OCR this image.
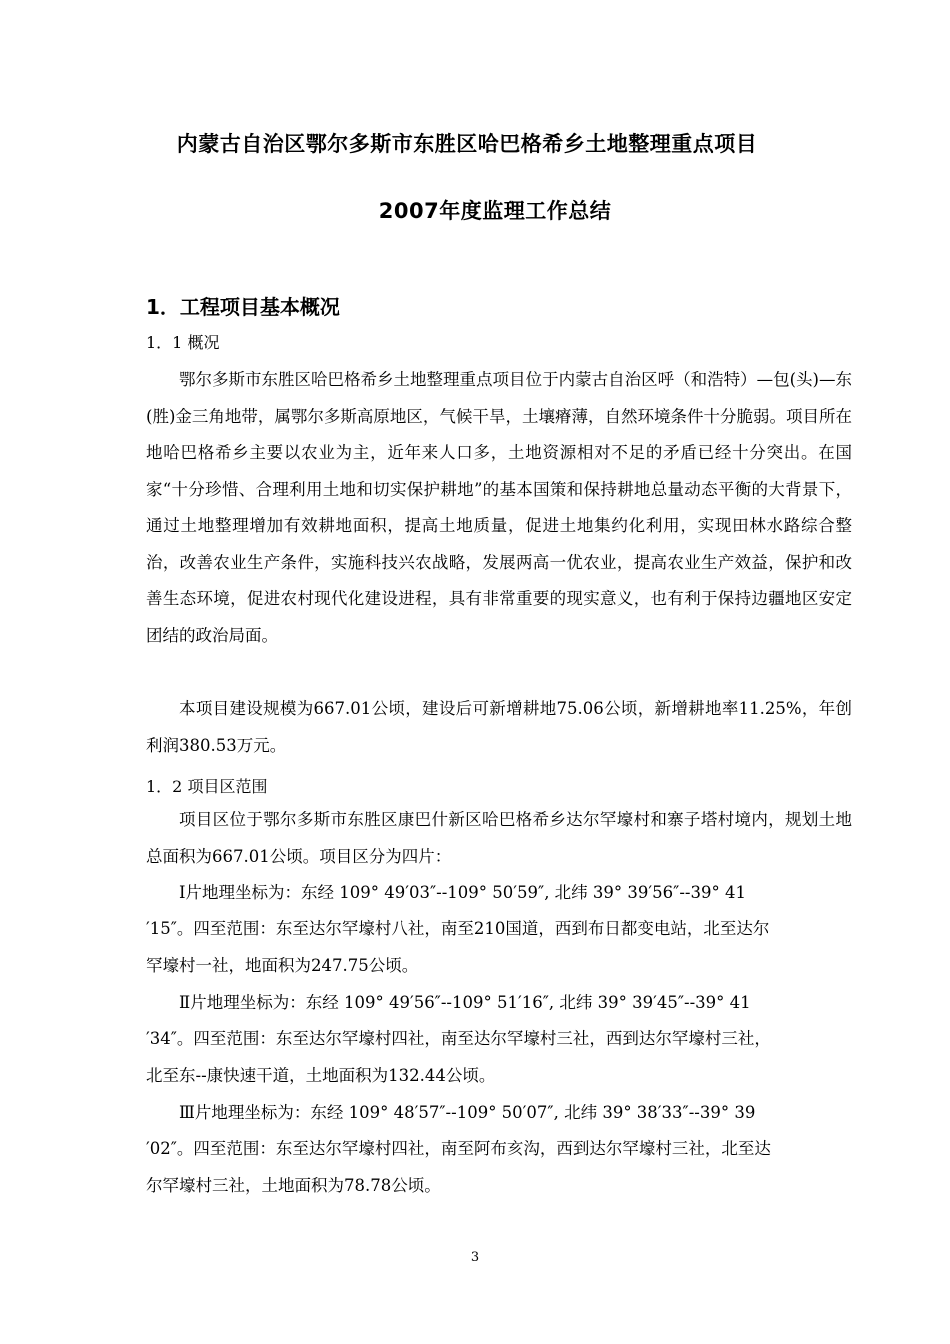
内蒙古自治区鄂尔多斯市东胜区哈巴格希乡土地整理重点项目
2007年度监理工作总结
1．工程项目基本概况
1．1 概况

鄂尔多斯市东胜区哈巴格希乡土地整理重点项目位于内蒙古自治区呼（和浩特）—包(头)—东(胜)金三角地带，属鄂尔多斯高原地区，气候干旱，土壤瘠薄，自然环境条件十分脆弱。项目所在地哈巴格希乡主要以农业为主，近年来人口多，土地资源相对不足的矛盾已经十分突出。在国家“十分珍惜、合理利用土地和切实保护耕地”的基本国策和保持耕地总量动态平衡的大背景下，通过土地整理增加有效耕地面积，提高土地质量，促进土地集约化利用，实现田林水路综合整治，改善农业生产条件，实施科技兴农战略，发展两高一优农业，提高农业生产效益，保护和改善生态环境，促进农村现代化建设进程，具有非常重要的现实意义，也有利于保持边疆地区安定团结的政治局面。

本项目建设规模为667.01公顷，建设后可新增耕地75.06公顷，新增耕地率11.25%，年创利润380.53万元。

1．2 项目区范围

项目区位于鄂尔多斯市东胜区康巴什新区哈巴格希乡达尔罕壕村和寨子塔村境内，规划土地总面积为667.01公顷。项目区分为四片：

Ⅰ片地理坐标为：东经 109° 49′03″--109° 50′59″, 北纬 39° 39′56″--39° 41

′15″。四至范围：东至达尔罕壕村八社，南至210国道，西到布日都变电站，北至达尔

罕壕村一社，地面积为247.75公顷。

Ⅱ片地理坐标为：东经 109° 49′56″--109° 51′16″, 北纬 39° 39′45″--39° 41

′34″。四至范围：东至达尔罕壕村四社，南至达尔罕壕村三社，西到达尔罕壕村三社，

北至东--康快速干道，土地面积为132.44公顷。

Ⅲ片地理坐标为：东经 109° 48′57″--109° 50′07″, 北纬 39° 38′33″--39° 39

′02″。四至范围：东至达尔罕壕村四社，南至阿布亥沟，西到达尔罕壕村三社，北至达

尔罕壕村三社，土地面积为78.78公顷。

3
